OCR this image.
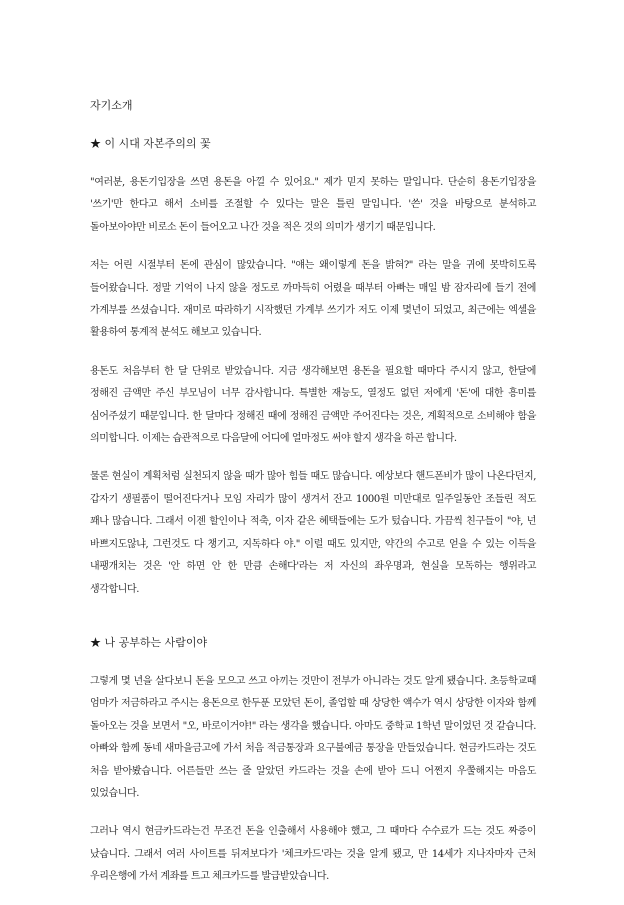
자기소개
★ 이 시대 자본주의의 꽃

"여러분, 용돈기입장을 쓰면 용돈을 아낄 수 있어요." 제가 믿지 못하는 말입니다. 단순히 용돈기입장을 '쓰기'만 한다고 해서 소비를 조절할 수 있다는 말은 틀린 말입니다. '쓴' 것을 바탕으로 분석하고 돌아보아야만 비로소 돈이 들어오고 나간 것을 적은 것의 의미가 생기기 때문입니다.

저는 어린 시절부터 돈에 관심이 많았습니다. "얘는 왜이렇게 돈을 밝혀?" 라는 말을 귀에 못박히도록 들어왔습니다. 정말 기억이 나지 않을 정도로 까마득히 어렸을 때부터 아빠는 매일 밤 잠자리에 들기 전에 가계부를 쓰셨습니다. 재미로 따라하기 시작했던 가계부 쓰기가 저도 이제 몇년이 되었고, 최근에는 엑셀을 활용하여 통계적 분석도 해보고 있습니다.

용돈도 처음부터 한 달 단위로 받았습니다. 지금 생각해보면 용돈을 필요할 때마다 주시지 않고, 한달에 정해진 금액만 주신 부모님이 너무 감사합니다. 특별한 재능도, 열정도 없던 저에게 '돈'에 대한 흥미를 심어주셨기 때문입니다. 한 달마다 정해진 때에 정해진 금액만 주어진다는 것은, 계획적으로 소비해야 함을 의미합니다. 이제는 습관적으로 다음달에 어디에 얼마정도 써야 할지 생각을 하곤 합니다.

물론 현실이 계획처럼 실천되지 않을 때가 많아 힘들 때도 많습니다. 예상보다 핸드폰비가 많이 나온다던지, 갑자기 생필품이 떨어진다거나 모임 자리가 많이 생겨서 잔고 1000원 미만대로 일주일동안 조들린 적도 꽤나 많습니다. 그래서 이젠 할인이나 적축, 이자 같은 혜택들에는 도가 텄습니다. 가끔씩 친구들이 "야, 넌 바쁘지도않냐, 그런것도 다 챙기고, 지독하다 야." 이럴 때도 있지만, 약간의 수고로 얻을 수 있는 이득을 내팽개치는 것은 '안 하면 안 한 만큼 손해다'라는 저 자신의 좌우명과, 현실을 모독하는 행위라고 생각합니다.

★ 나 공부하는 사람이야

그렇게 몇 년을 살다보니 돈을 모으고 쓰고 아끼는 것만이 전부가 아니라는 것도 알게 됐습니다. 초등학교때 엄마가 저금하라고 주시는 용돈으로 한두푼 모았던 돈이, 졸업할 때 상당한 액수가 역시 상당한 이자와 함께 돌아오는 것을 보면서 "오, 바로이거야!" 라는 생각을 했습니다. 아마도 중학교 1학년 말이었던 것 같습니다. 아빠와 함께 동네 새마을금고에 가서 처음 적금통장과 요구불예금 통장을 만들었습니다. 현금카드라는 것도 처음 받아봤습니다. 어른들만 쓰는 줄 알았던 카드라는 것을 손에 받아 드니 어쩐지 우쭐해지는 마음도 있었습니다.

그러나 역시 현금카드라는건 무조건 돈을 인출해서 사용해야 했고, 그 때마다 수수료가 드는 것도 짜증이 났습니다. 그래서 여러 사이트를 뒤져보다가 '체크카드'라는 것을 알게 됐고, 만 14세가 지나자마자 근처 우리은행에 가서 계좌를 트고 체크카드를 발급받았습니다.
